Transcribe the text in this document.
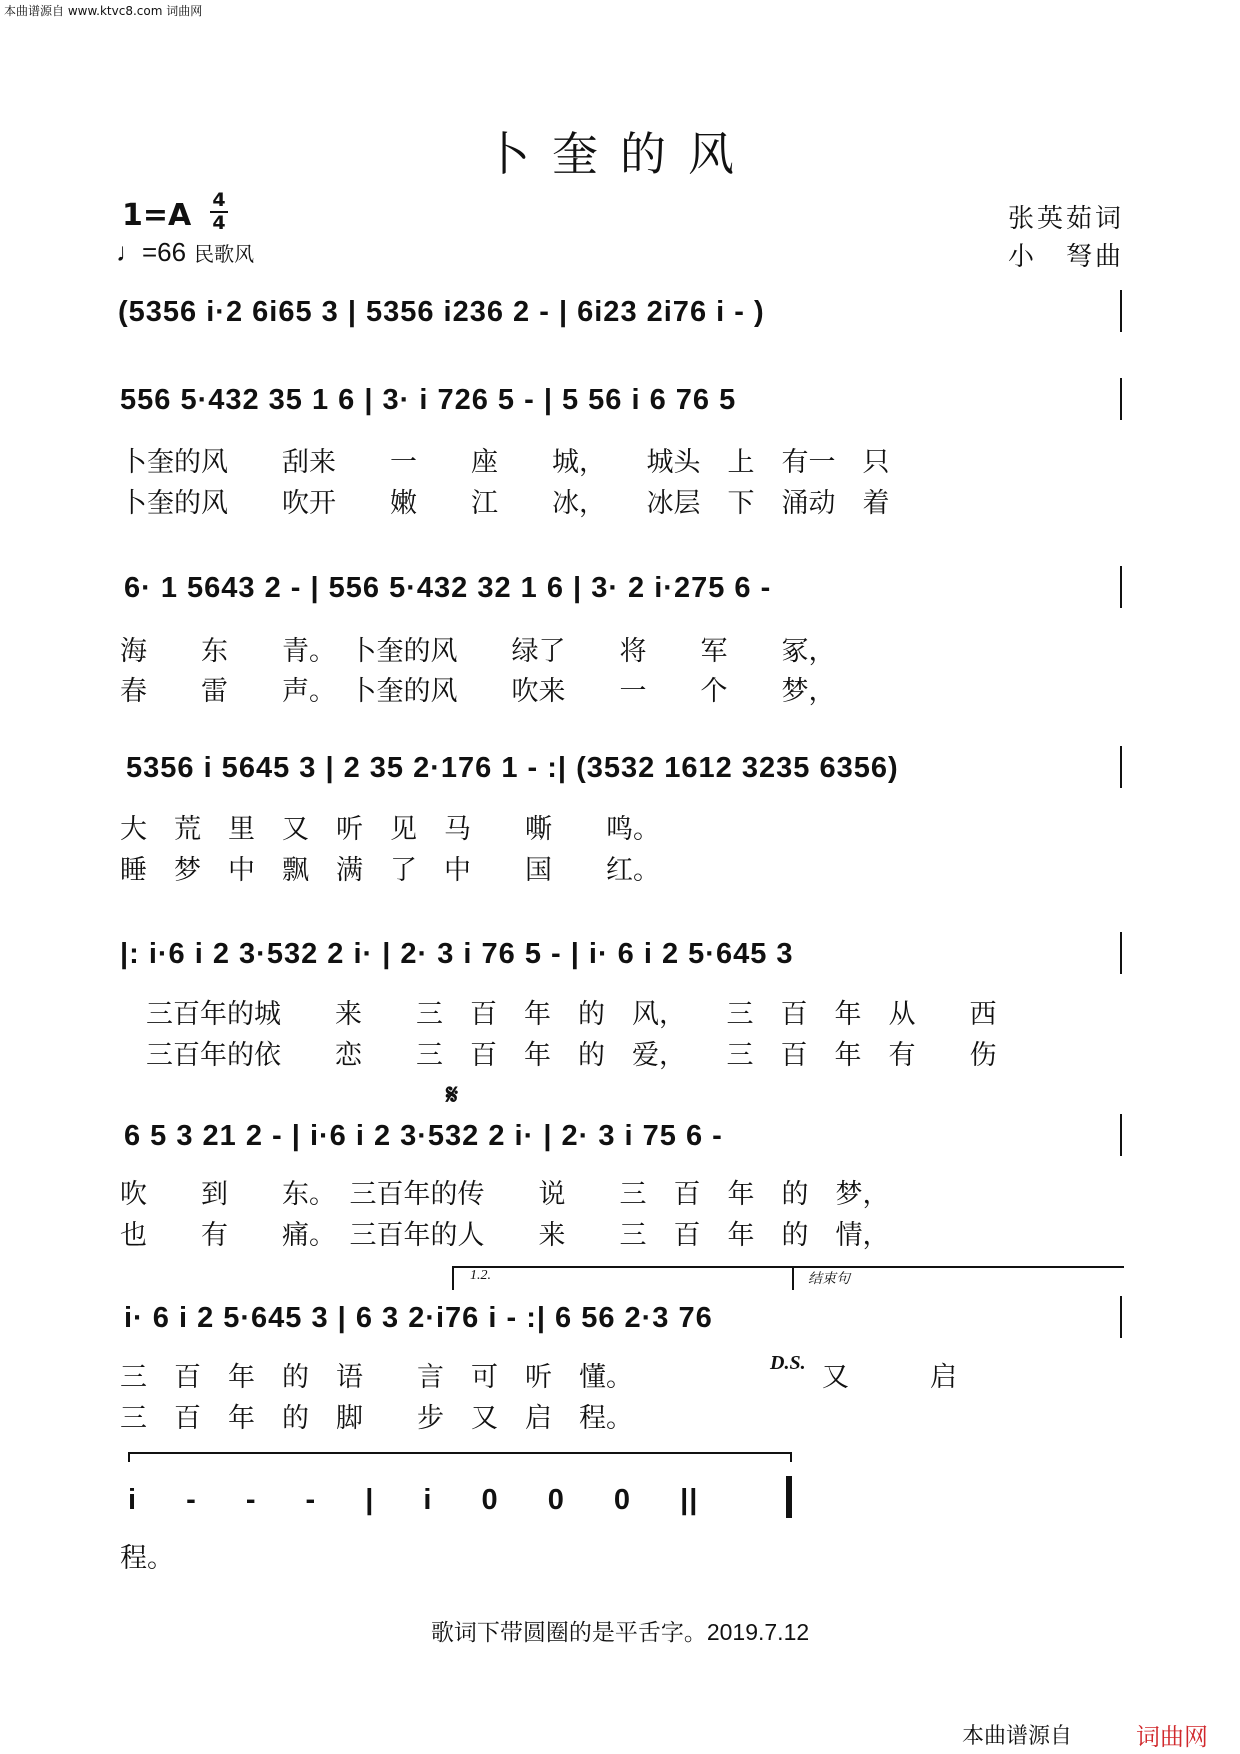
本曲谱源自 www.ktvc8.com 词曲网
卜奎的风
1=A 4
4
♩=66 民歌风
张英茹词
小　弩曲
(5356 i·2 6i65 3 | 5356 i236 2 - | 6i23 2i76 i - )
556 5·432 35 1 6 | 3· i 726 5 - | 5 56 i 6 76 5
卜奎的风　　刮来　　一　　座　　城，　　城头　上　有一　只
卜奎的风　　吹开　　嫩　　江　　冰，　　冰层　下　涌动　着
6· 1 5643 2 - | 556 5·432 32 1 6 | 3· 2 i·275 6 -
海　　东　　青。　卜奎的风　　绿了　　将　　军　　冢，
春　　雷　　声。　卜奎的风　　吹来　　一　　个　　梦，
5356 i 5645 3 | 2 35 2·176 1 - :| (3532 1612 3235 6356)
大　荒　里　又　听　见　马　　嘶　　鸣。
睡　梦　中　飘　满　了　中　　国　　红。
|: i·6 i 2 3·532 2 i· | 2· 3 i 76 5 - | i· 6 i 2 5·645 3
三百年的城　　来　　三　百　年　的　风，　　三　百　年　从　　西
三百年的依　　恋　　三　百　年　的　爱，　　三　百　年　有　　伤
𝄋
6 5 3 21 2 - | i·6 i 2 3·532 2 i· | 2· 3 i 75 6 -
吹　　到　　东。　三百年的传　　说　　三　百　年　的　梦，
也　　有　　痛。　三百年的人　　来　　三　百　年　的　情，
1.2.	结束句
i· 6 i 2 5·645 3 | 6 3 2·i76 i - :| 6 56 2·3 76
三　百　年　的　语　　言　可　听　懂。
三　百　年　的　脚　　步　又　启　程。
D.S. 又　　　启
i - - - | i 0 0 0 ||
程。
歌词下带圆圈的是平舌字。2019.7.12
本曲谱源自	词曲网
